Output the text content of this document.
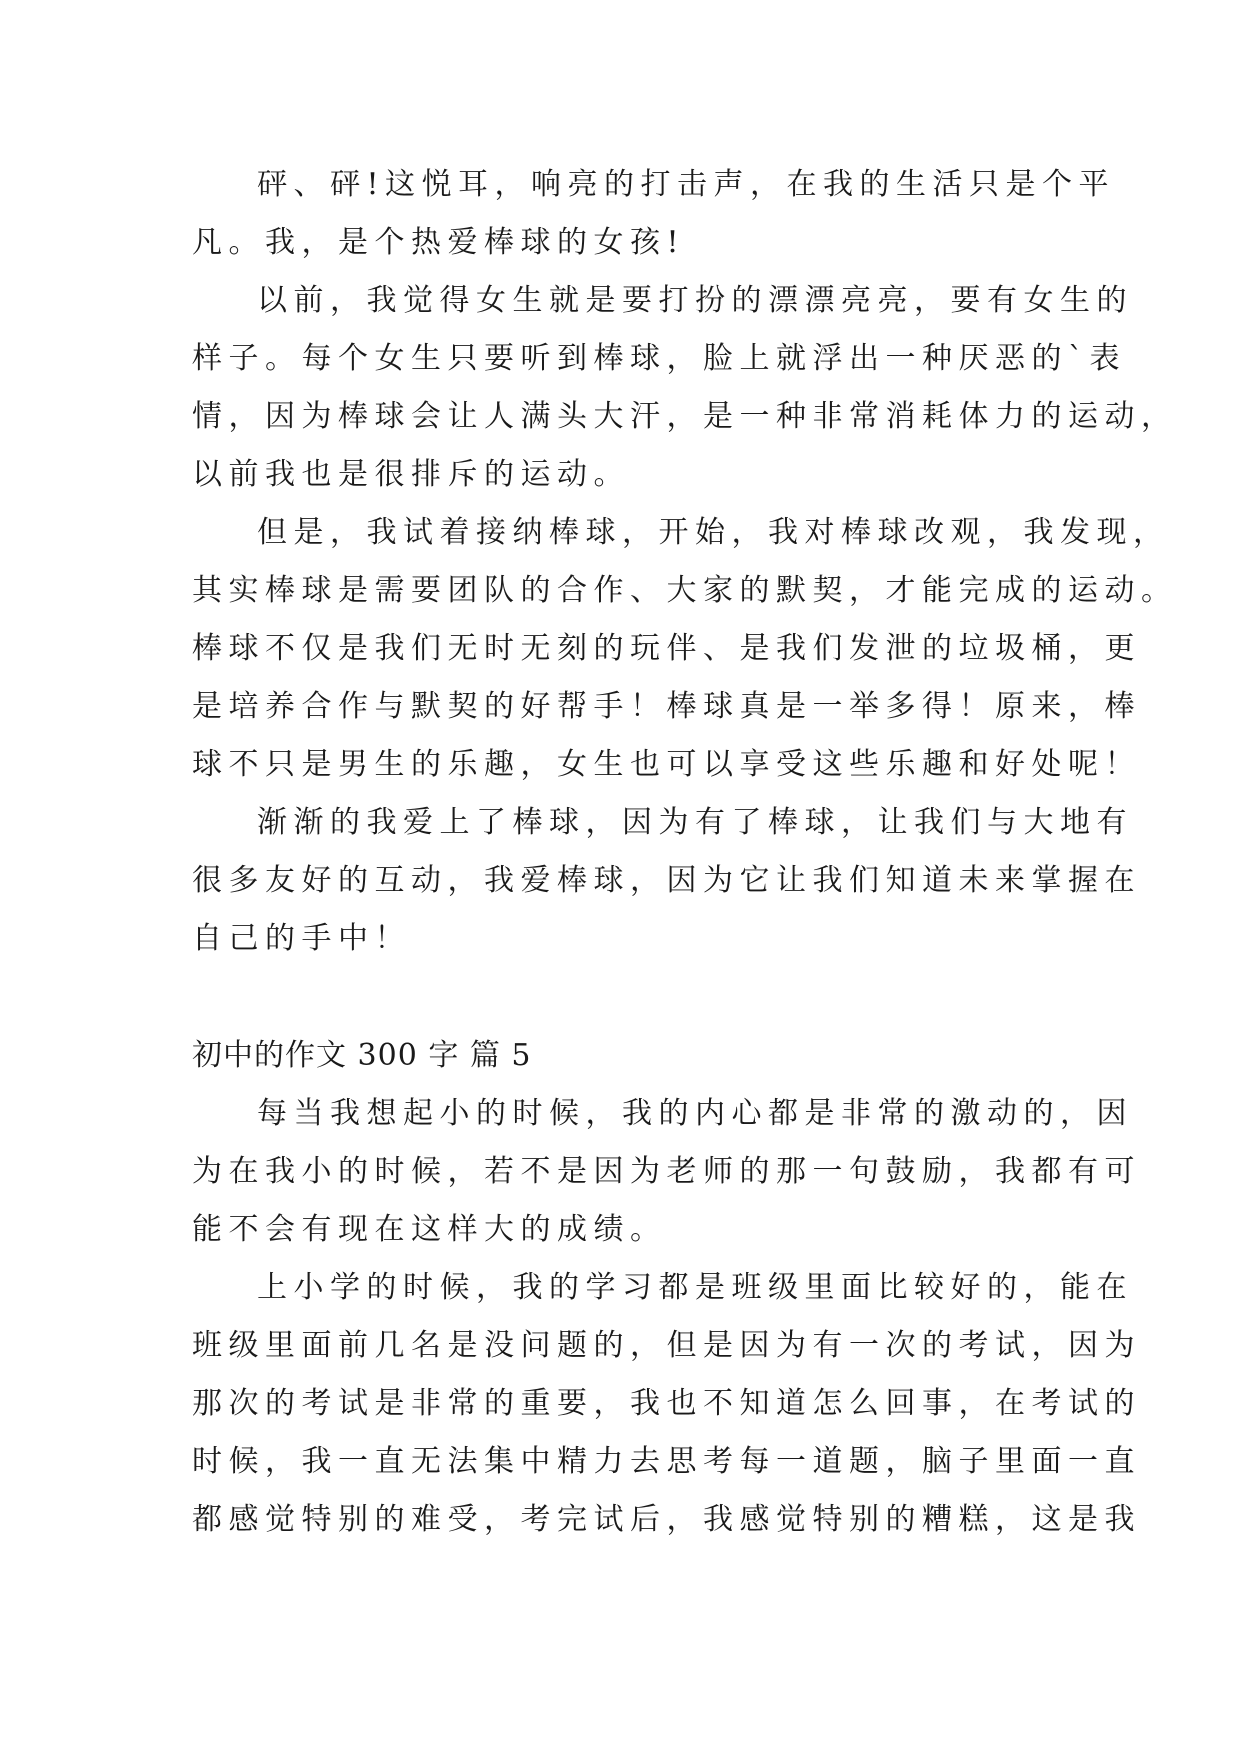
砰、砰!这悦耳，响亮的打击声，在我的生活只是个平
凡。我，是个热爱棒球的女孩!
以前，我觉得女生就是要打扮的漂漂亮亮，要有女生的
样子。每个女生只要听到棒球，脸上就浮出一种厌恶的`表
情，因为棒球会让人满头大汗，是一种非常消耗体力的运动，
以前我也是很排斥的运动。
但是，我试着接纳棒球，开始，我对棒球改观，我发现，
其实棒球是需要团队的合作、大家的默契，才能完成的运动。
棒球不仅是我们无时无刻的玩伴、是我们发泄的垃圾桶，更
是培养合作与默契的好帮手！棒球真是一举多得！原来，棒
球不只是男生的乐趣，女生也可以享受这些乐趣和好处呢！
渐渐的我爱上了棒球，因为有了棒球，让我们与大地有
很多友好的互动，我爱棒球，因为它让我们知道未来掌握在
自己的手中！
初中的作文 300 字 篇 5
每当我想起小的时候，我的内心都是非常的激动的，因
为在我小的时候，若不是因为老师的那一句鼓励，我都有可
能不会有现在这样大的成绩。
上小学的时候，我的学习都是班级里面比较好的，能在
班级里面前几名是没问题的，但是因为有一次的考试，因为
那次的考试是非常的重要，我也不知道怎么回事，在考试的
时候，我一直无法集中精力去思考每一道题，脑子里面一直
都感觉特别的难受，考完试后，我感觉特别的糟糕，这是我
